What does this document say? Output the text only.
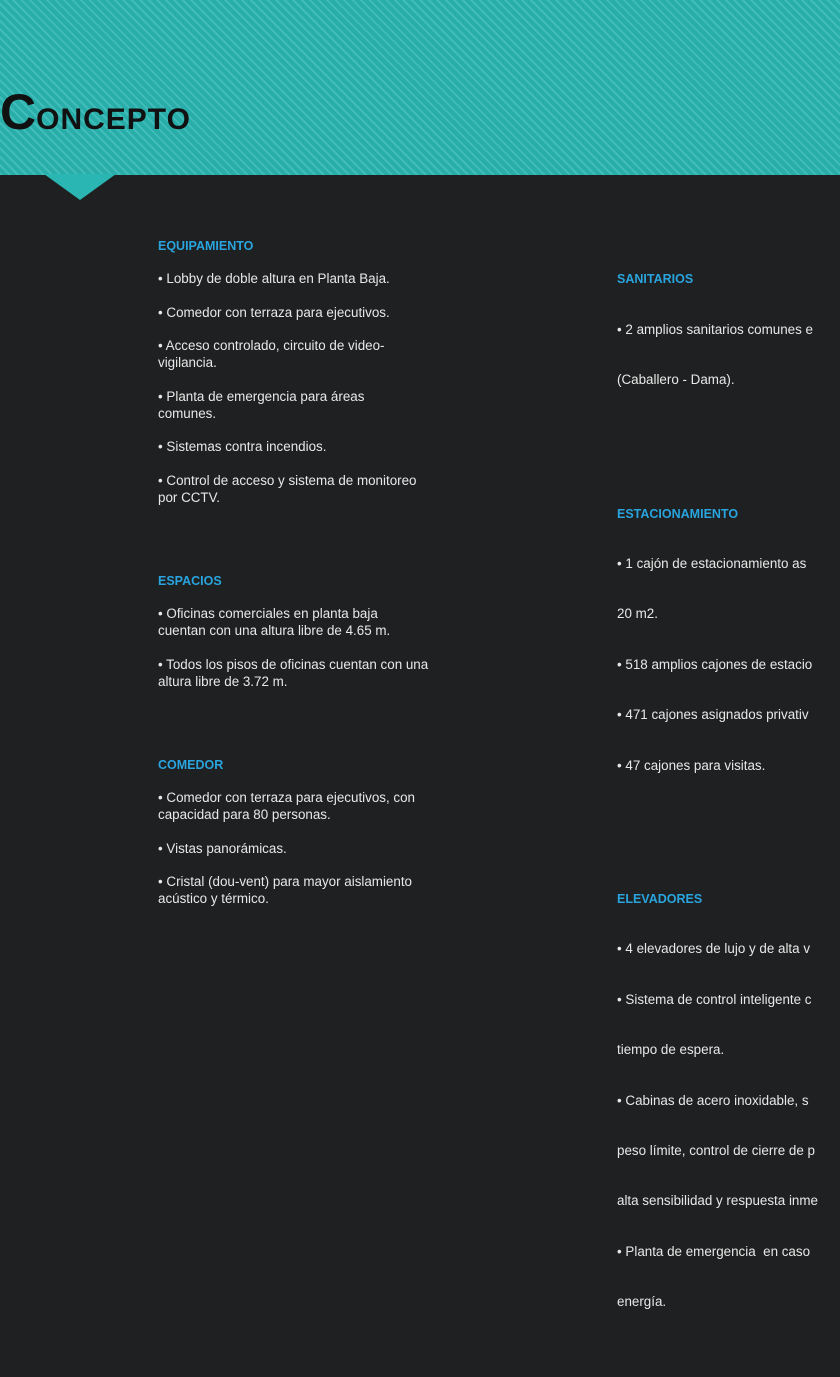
CONCEPTO

EQUIPAMIENTO

• Lobby de doble altura en Planta Baja.

• Comedor con terraza para ejecutivos.

• Acceso controlado, circuito de video-
vigilancia.

• Planta de emergencia para áreas
comunes.

• Sistemas contra incendios.

• Control de acceso y sistema de monitoreo
por CCTV.

ESPACIOS

• Oficinas comerciales en planta baja
cuentan con una altura libre de 4.65 m.

• Todos los pisos de oficinas cuentan con una
altura libre de 3.72 m.

COMEDOR

• Comedor con terraza para ejecutivos, con
capacidad para 80 personas.

• Vistas panorámicas.

• Cristal (dou-vent) para mayor aislamiento
acústico y térmico.

SANITARIOS

• 2 amplios sanitarios comunes e

(Caballero - Dama).

ESTACIONAMIENTO

• 1 cajón de estacionamiento as

20 m2.

• 518 amplios cajones de estacio

• 471 cajones asignados privativ

• 47 cajones para visitas.

ELEVADORES

• 4 elevadores de lujo y de alta v

• Sistema de control inteligente c

tiempo de espera.

• Cabinas de acero inoxidable, s

peso límite, control de cierre de p

alta sensibilidad y respuesta inme

• Planta de emergencia  en caso

energía.
